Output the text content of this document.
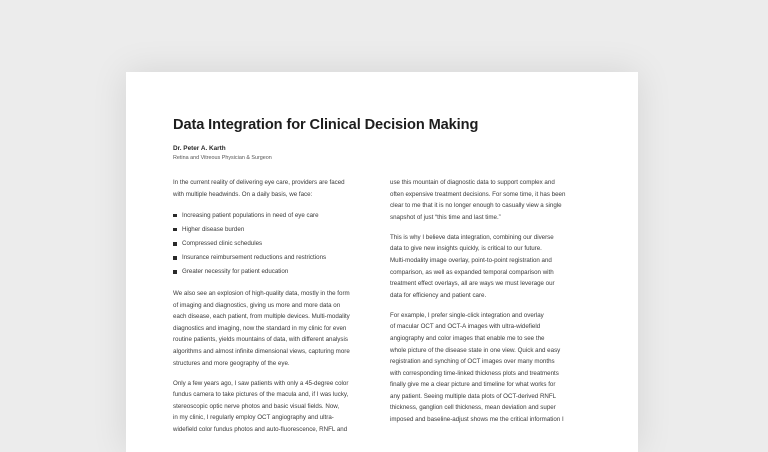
Data Integration for Clinical Decision Making
Dr. Peter A. Karth
Retina and Vitreous Physician & Surgeon

In the current reality of delivering eye care, providers are faced
with multiple headwinds. On a daily basis, we face:

Increasing patient populations in need of eye care
Higher disease burden
Compressed clinic schedules
Insurance reimbursement reductions and restrictions
Greater necessity for patient education

We also see an explosion of high-quality data, mostly in the form
of imaging and diagnostics, giving us more and more data on
each disease, each patient, from multiple devices. Multi-modality
diagnostics and imaging, now the standard in my clinic for even
routine patients, yields mountains of data, with different analysis
algorithms and almost infinite dimensional views, capturing more
structures and more geography of the eye.

Only a few years ago, I saw patients with only a 45-degree color
fundus camera to take pictures of the macula and, if I was lucky,
stereoscopic optic nerve photos and basic visual fields. Now,
in my clinic, I regularly employ OCT angiography and ultra-
widefield color fundus photos and auto-fluorescence, RNFL and

use this mountain of diagnostic data to support complex and
often expensive treatment decisions. For some time, it has been
clear to me that it is no longer enough to casually view a single
snapshot of just “this time and last time.”

This is why I believe data integration, combining our diverse
data to give new insights quickly, is critical to our future.
Multi-modality image overlay, point-to-point registration and
comparison, as well as expanded temporal comparison with
treatment effect overlays, all are ways we must leverage our
data for efficiency and patient care.

For example, I prefer single-click integration and overlay
of macular OCT and OCT-A images with ultra-widefield
angiography and color images that enable me to see the
whole picture of the disease state in one view. Quick and easy
registration and synching of OCT images over many months
with corresponding time-linked thickness plots and treatments
finally give me a clear picture and timeline for what works for
any patient. Seeing multiple data plots of OCT-derived RNFL
thickness, ganglion cell thickness, mean deviation and super
imposed and baseline-adjust shows me the critical information I
